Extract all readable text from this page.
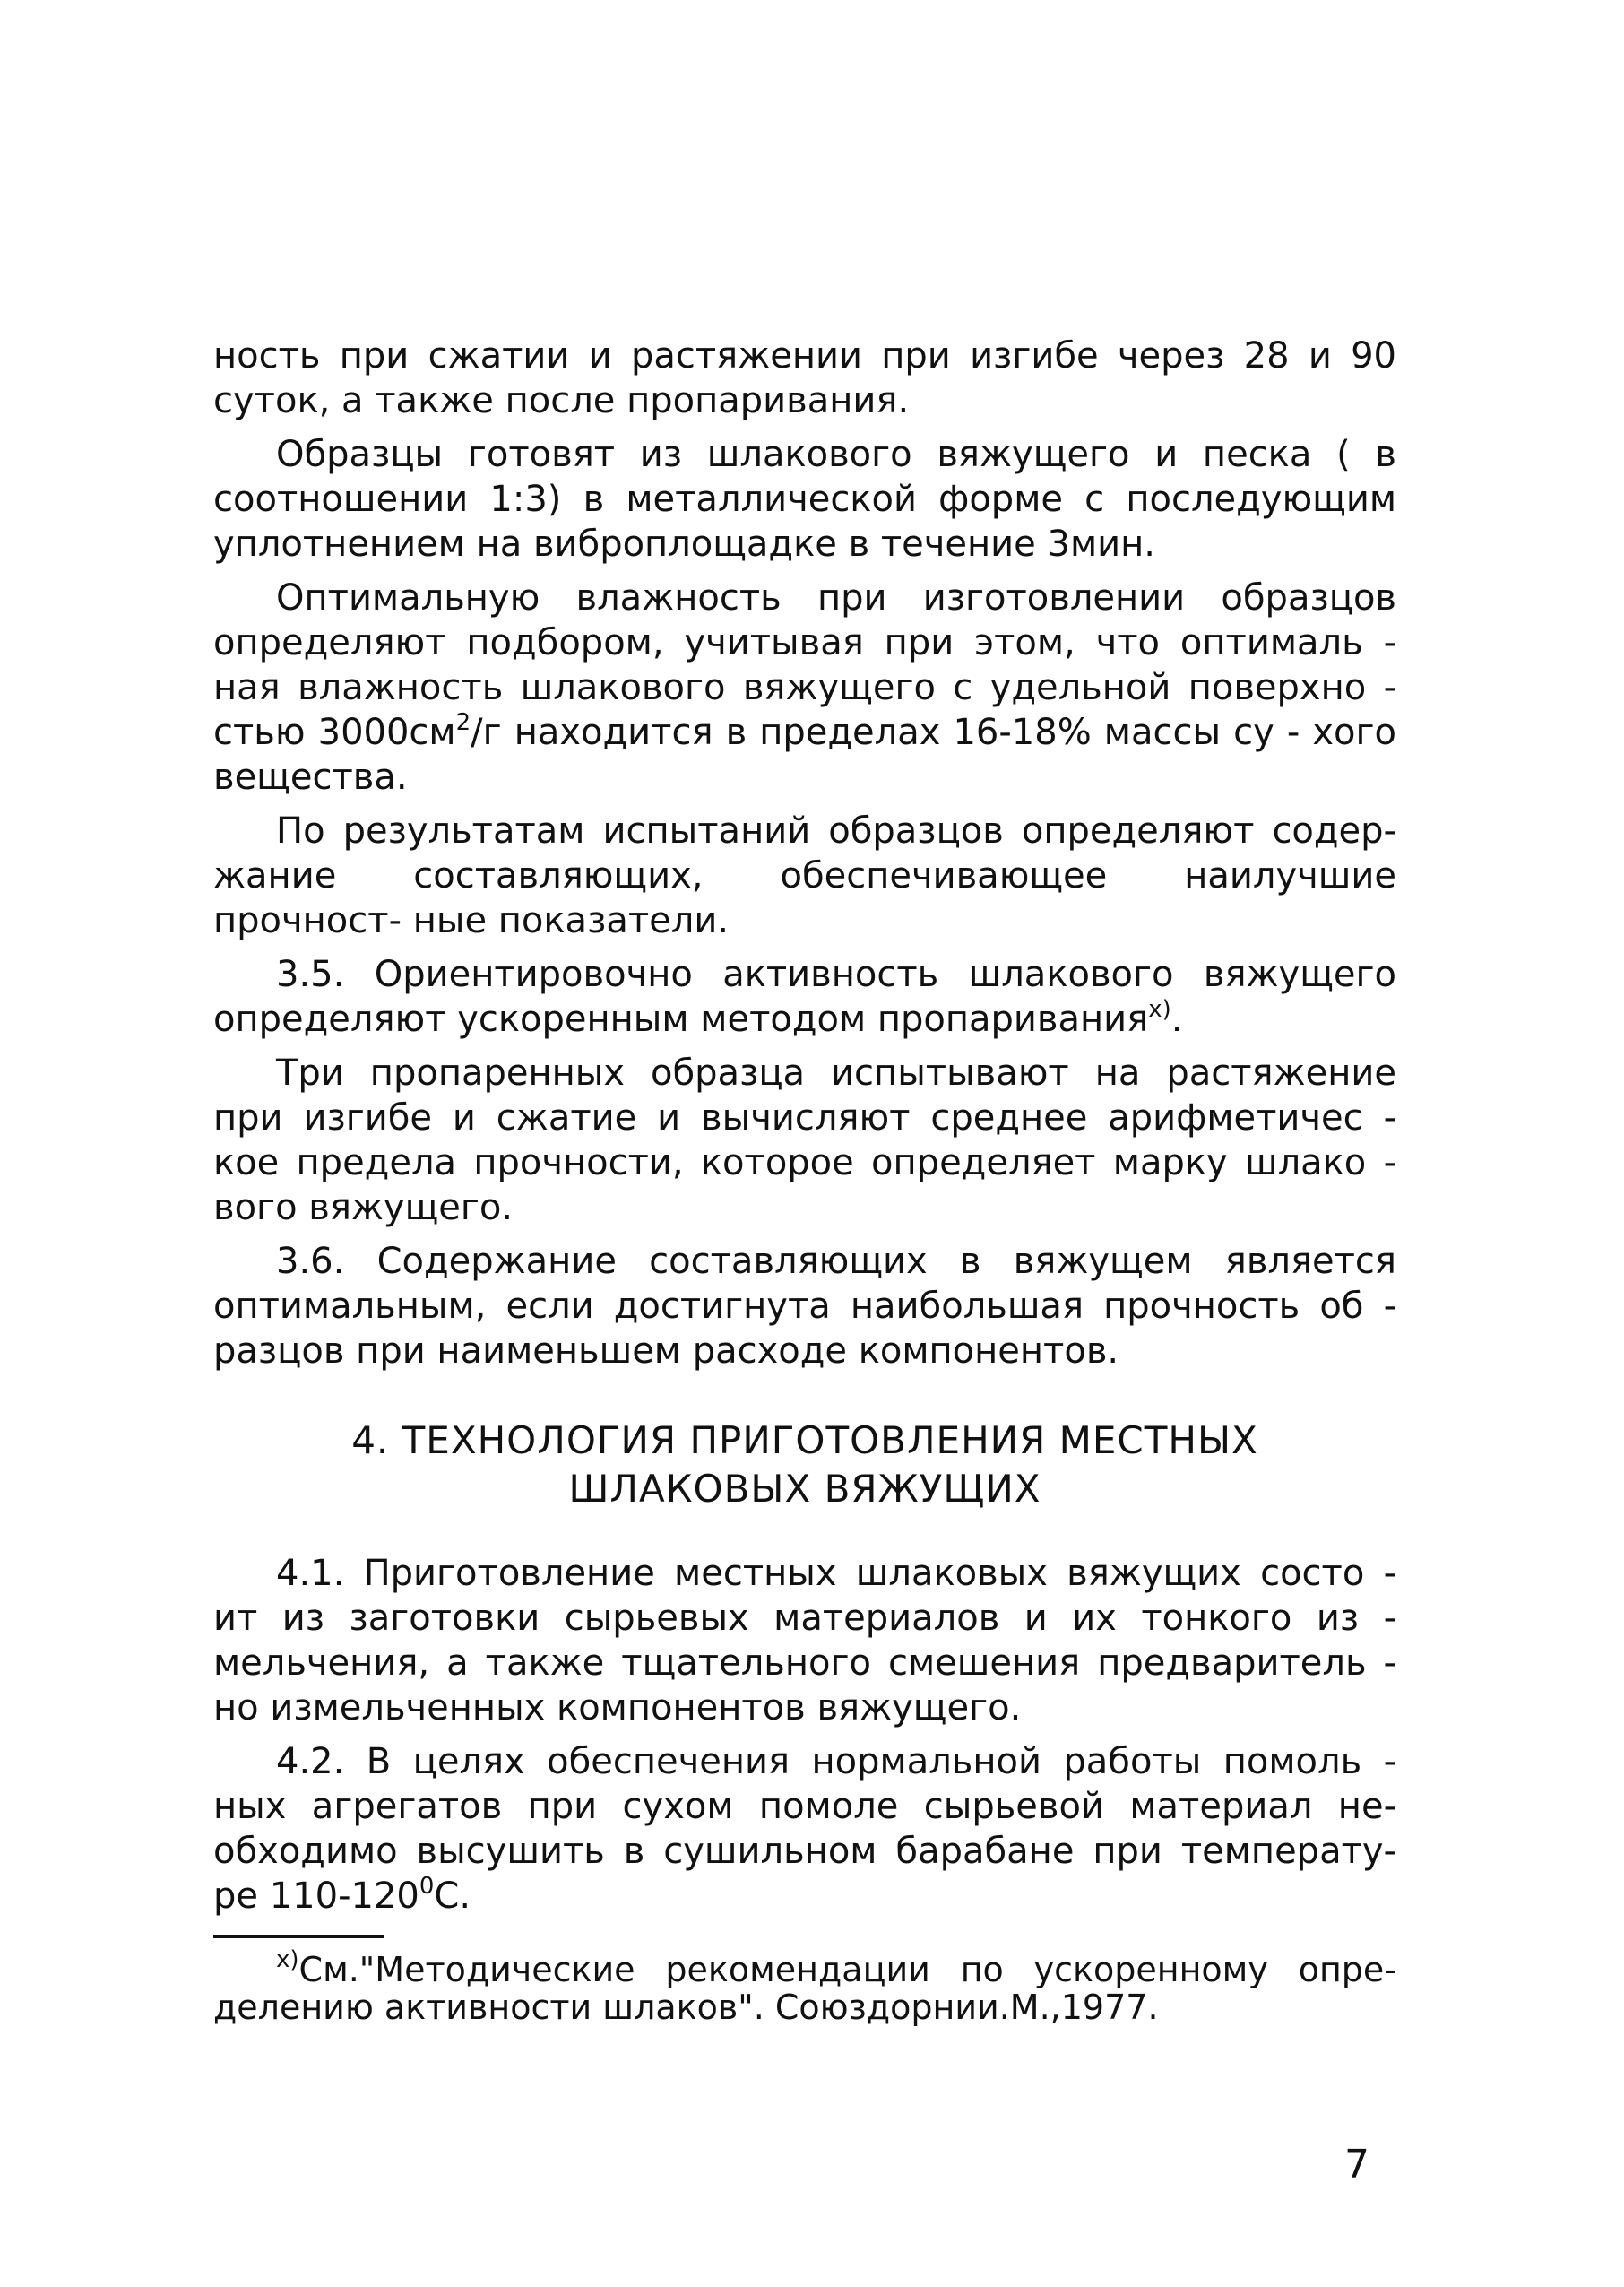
ность при сжатии и растяжении при изгибе через 28 и 90 суток, а также после пропаривания.

Образцы готовят из шлакового вяжущего и песка ( в соотношении 1:3) в металлической форме с последующим уплотнением на виброплощадке в течение 3мин.

Оптимальную влажность при изготовлении образцов определяют подбором, учитывая при этом, что оптималь - ная влажность шлакового вяжущего с удельной поверхно - стью $3000см^2/г$ находится в пределах 16-18% массы су - хого вещества.

По результатам испытаний образцов определяют содер- жание составляющих, обеспечивающее наилучшие прочност- ные показатели.

3.5. Ориентировочно активность шлакового вяжущего определяют ускоренным методом пропаривания$^{х)}$.

Три пропаренных образца испытывают на растяжение при изгибе и сжатие и вычисляют среднее арифметичес - кое предела прочности, которое определяет марку шлако - вого вяжущего.

3.6. Содержание составляющих в вяжущем является оптимальным, если достигнута наибольшая прочность об - разцов при наименьшем расходе компонентов.

4. ТЕХНОЛОГИЯ ПРИГОТОВЛЕНИЯ МЕСТНЫХ
ШЛАКОВЫХ ВЯЖУЩИХ

4.1. Приготовление местных шлаковых вяжущих состо - ит из заготовки сырьевых материалов и их тонкого из - мельчения, а также тщательного смешения предваритель - но измельченных компонентов вяжущего.

4.2. В целях обеспечения нормальной работы помоль - ных агрегатов при сухом помоле сырьевой материал не- обходимо высушить в сушильном барабане при температу- ре $110-120^0С$.

$^{х)}$См."Методические рекомендации по ускоренному опре- делению активности шлаков". Союздорнии.М.,1977.

7
